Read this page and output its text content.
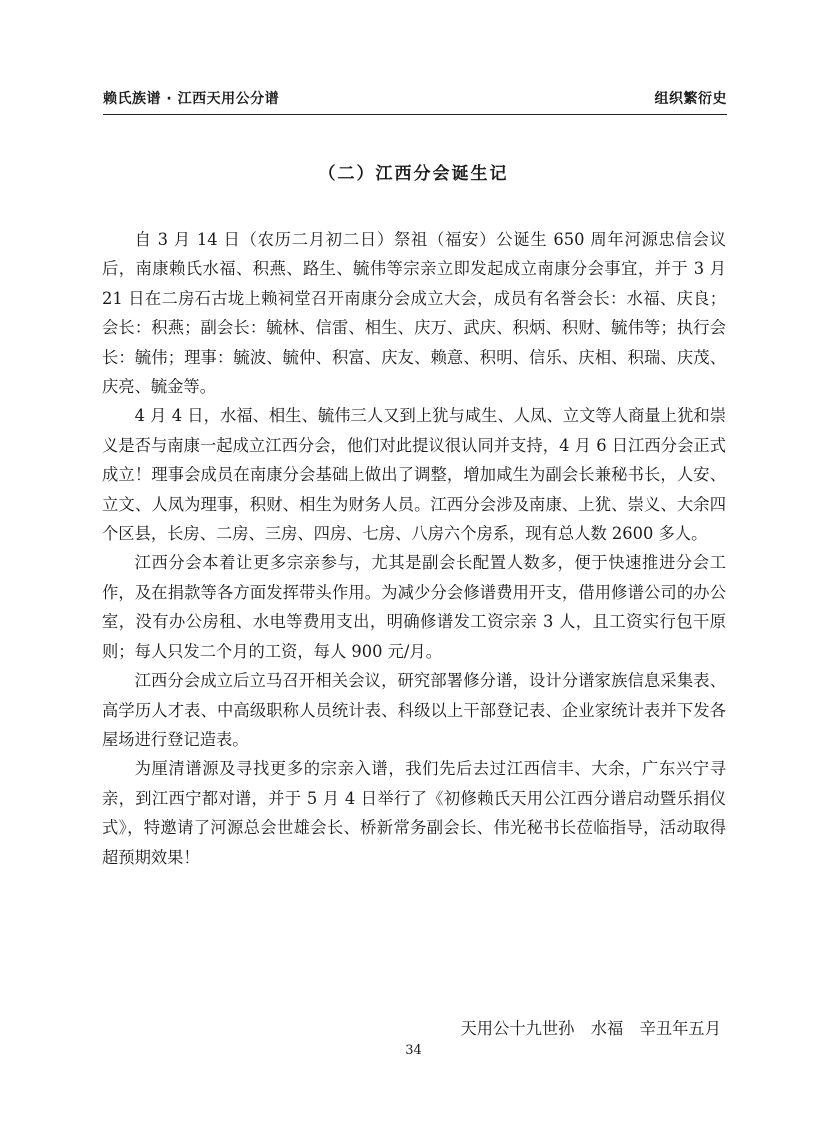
赖氏族谱 · 江西天用公分谱	组织繁衍史
（二）江西分会诞生记

自 3 月 14 日（农历二月初二日）祭祖（福安）公诞生 650 周年河源忠信会议后，南康赖氏水福、积燕、路生、毓伟等宗亲立即发起成立南康分会事宜，并于 3 月 21 日在二房石古垅上赖祠堂召开南康分会成立大会，成员有名誉会长：水福、庆良；会长：积燕；副会长：毓林、信雷、相生、庆万、武庆、积炳、积财、毓伟等；执行会长：毓伟；理事：毓波、毓仲、积富、庆友、赖意、积明、信乐、庆相、积瑞、庆茂、庆亮、毓金等。

4 月 4 日，水福、相生、毓伟三人又到上犹与咸生、人凤、立文等人商量上犹和崇义是否与南康一起成立江西分会，他们对此提议很认同并支持，4 月 6 日江西分会正式成立！理事会成员在南康分会基础上做出了调整，增加咸生为副会长兼秘书长，人安、立文、人凤为理事，积财、相生为财务人员。江西分会涉及南康、上犹、崇义、大余四个区县，长房、二房、三房、四房、七房、八房六个房系，现有总人数 2600 多人。

江西分会本着让更多宗亲参与，尤其是副会长配置人数多，便于快速推进分会工作，及在捐款等各方面发挥带头作用。为减少分会修谱费用开支，借用修谱公司的办公室，没有办公房租、水电等费用支出，明确修谱发工资宗亲 3 人，且工资实行包干原则；每人只发二个月的工资，每人 900 元/月。

江西分会成立后立马召开相关会议，研究部署修分谱，设计分谱家族信息采集表、高学历人才表、中高级职称人员统计表、科级以上干部登记表、企业家统计表并下发各屋场进行登记造表。

为厘清谱源及寻找更多的宗亲入谱，我们先后去过江西信丰、大余，广东兴宁寻亲，到江西宁都对谱，并于 5 月 4 日举行了《初修赖氏天用公江西分谱启动暨乐捐仪式》，特邀请了河源总会世雄会长、桥新常务副会长、伟光秘书长莅临指导，活动取得超预期效果！

天用公十九世孙　水福　辛丑年五月
34
